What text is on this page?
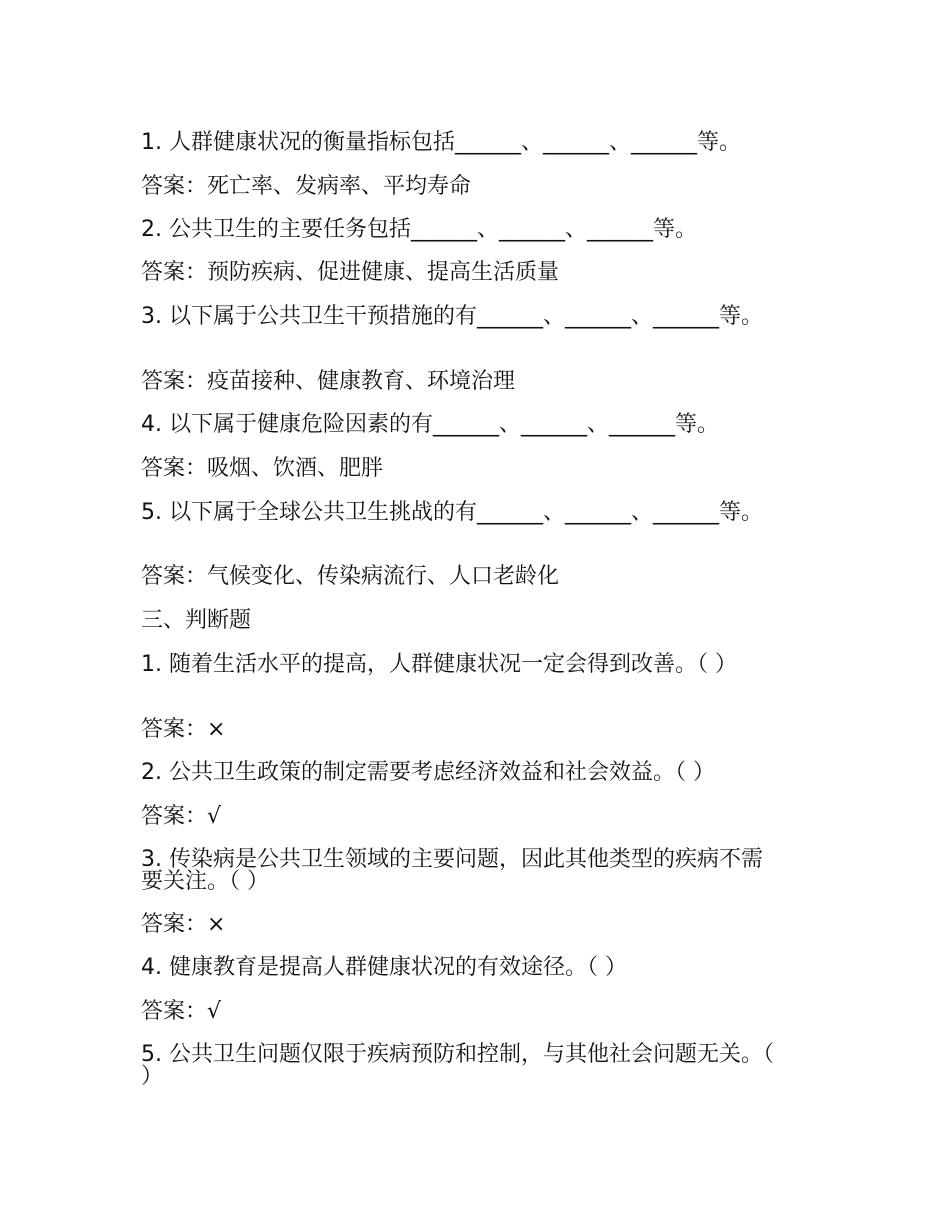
1. 人群健康状况的衡量指标包括______、______、______等。
答案：死亡率、发病率、平均寿命
2. 公共卫生的主要任务包括______、______、______等。
答案：预防疾病、促进健康、提高生活质量
3. 以下属于公共卫生干预措施的有______、______、______等。
答案：疫苗接种、健康教育、环境治理
4. 以下属于健康危险因素的有______、______、______等。
答案：吸烟、饮酒、肥胖
5. 以下属于全球公共卫生挑战的有______、______、______等。
答案：气候变化、传染病流行、人口老龄化
三、判断题
1. 随着生活水平的提高，人群健康状况一定会得到改善。（ ）
答案：×
2. 公共卫生政策的制定需要考虑经济效益和社会效益。（ ）
答案：√
3. 传染病是公共卫生领域的主要问题，因此其他类型的疾病不需要关注。（ ）
答案：×
4. 健康教育是提高人群健康状况的有效途径。（ ）
答案：√
5. 公共卫生问题仅限于疾病预防和控制，与其他社会问题无关。（ ）
